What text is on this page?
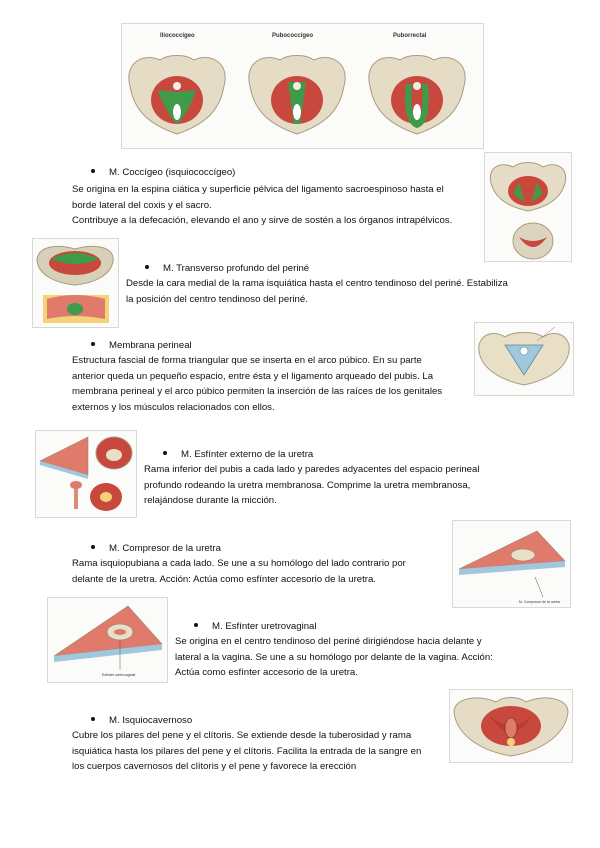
Iliococcígeo	Pubococcígeo	Puborrectal
M. Coccígeo (isquiococcígeo)
Se origina en la espina ciática y superficie pélvica del ligamento sacroespinoso hasta el
borde lateral del coxis y el sacro.
Contribuye a la defecación, elevando el ano y sirve de sostén a los órganos intrapélvicos.
M. Transverso profundo del periné
Desde la cara medial de la rama isquiática hasta el centro tendinoso del periné. Estabiliza
la posición del centro tendinoso del periné.
Membrana perineal
Estructura fascial de forma triangular que se inserta en el arco púbico. En su parte
anterior queda un pequeño espacio, entre ésta y el ligamento arqueado del pubis. La
membrana perineal y el arco púbico permiten la inserción de las raíces de los genitales
externos y los músculos relacionados con ellos.
M. Esfínter externo de la uretra
Rama inferior del pubis a cada lado y paredes adyacentes del espacio perineal
profundo rodeando la uretra membranosa. Comprime la uretra membranosa,
relajándose durante la micción.
M. Compresor de la uretra
Rama isquiopubiana a cada lado. Se une a su homólogo del lado contrario por
delante de la uretra. Acción: Actúa como esfínter accesorio de la uretra.
M. Compresor de la uretra
Esfínter uretrovaginal
M. Esfínter uretrovaginal
Se origina en el centro tendinoso del periné dirigiéndose hacia delante y
lateral a la vagina. Se une a su homólogo por delante de la vagina. Acción:
Actúa como esfínter accesorio de la uretra.
M. Isquiocavernoso
Cubre los pilares del pene y el clítoris. Se extiende desde la tuberosidad y rama
isquiática hasta los pilares del pene y el clítoris. Facilita la entrada de la sangre en
los cuerpos cavernosos del clítoris y el pene y favorece la erección
